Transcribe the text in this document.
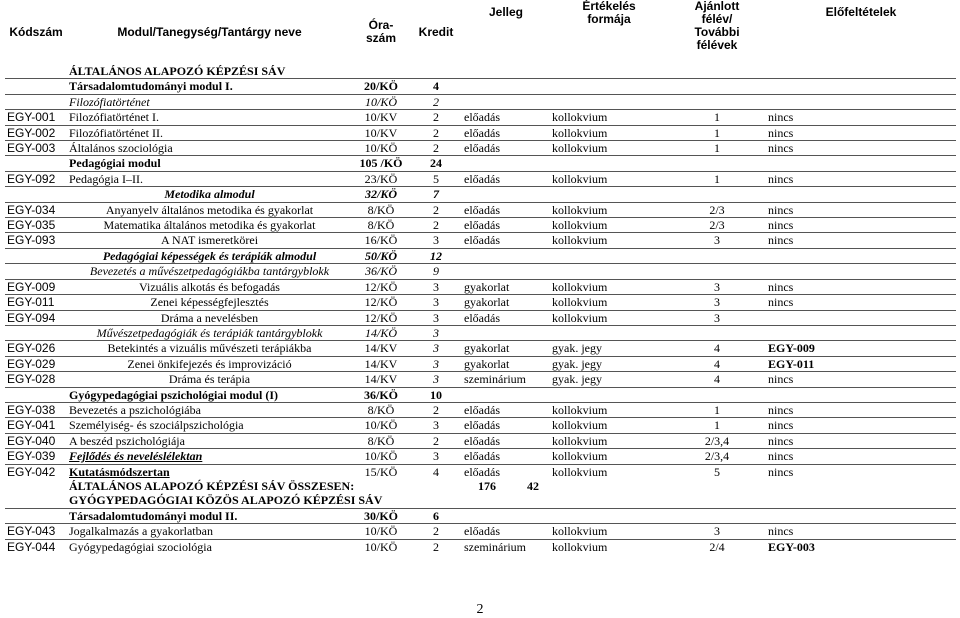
Kódszám	Modul/Tanegység/Tantárgy neve	Óra-
szám	Kredit	Jelleg	Értékelés
formája	Ajánlott
félév/
További
félévek	Előfeltételek
	ÁLTALÁNOS ALAPOZÓ KÉPZÉSI SÁV						
	Társadalomtudományi modul I.	20/KÖ	4				
	Filozófiatörténet	10/KÖ	2				
EGY-001	Filozófiatörténet I.	10/KV	2	előadás	kollokvium	1	nincs
EGY-002	Filozófiatörténet II.	10/KV	2	előadás	kollokvium	1	nincs
EGY-003	Általános szociológia	10/KÖ	2	előadás	kollokvium	1	nincs
	Pedagógiai modul	105 /KÖ	24				
EGY-092	Pedagógia I–II.	23/KÖ	5	előadás	kollokvium	1	nincs
	Metodika almodul	32/KÖ	7				
EGY-034	Anyanyelv általános metodika és gyakorlat	8/KÖ	2	előadás	kollokvium	2/3	nincs
EGY-035	Matematika általános metodika és gyakorlat	8/KÖ	2	előadás	kollokvium	2/3	nincs
EGY-093	A NAT ismeretkörei	16/KÖ	3	előadás	kollokvium	3	nincs
	Pedagógiai képességek és terápiák almodul	50/KÖ	12				
	Bevezetés a művészetpedagógiákba tantárgyblokk	36/KÖ	9				
EGY-009	Vizuális alkotás és befogadás	12/KÖ	3	gyakorlat	kollokvium	3	nincs
EGY-011	Zenei képességfejlesztés	12/KÖ	3	gyakorlat	kollokvium	3	nincs
EGY-094	Dráma a nevelésben	12/KÖ	3	előadás	kollokvium	3	
	Művészetpedagógiák és terápiák tantárgyblokk	14/KÖ	3				
EGY-026	Betekintés a vizuális művészeti terápiákba	14/KV	3	gyakorlat	gyak. jegy	4	EGY-009
EGY-029	Zenei önkifejezés és improvizáció	14/KV	3	gyakorlat	gyak. jegy	4	EGY-011
EGY-028	Dráma és terápia	14/KV	3	szeminárium	gyak. jegy	4	nincs
	Gyógypedagógiai pszichológiai modul (I)	36/KÖ	10				
EGY-038	Bevezetés a pszichológiába	8/KÖ	2	előadás	kollokvium	1	nincs
EGY-041	Személyiség- és szociálpszichológia	10/KÖ	3	előadás	kollokvium	1	nincs
EGY-040	A beszéd pszichológiája	8/KÖ	2	előadás	kollokvium	2/3,4	nincs
EGY-039	Fejlődés és neveléslélektan	10/KÖ	3	előadás	kollokvium	2/3,4	nincs
EGY-042	Kutatásmódszertan	15/KÖ	4	előadás	kollokvium	5	nincs
	ÁLTALÁNOS ALAPOZÓ KÉPZÉSI SÁV ÖSSZESEN:		176	42			
	GYÓGYPEDAGÓGIAI KÖZÖS ALAPOZÓ KÉPZÉSI SÁV						
	Társadalomtudományi modul II.	30/KÖ	6				
EGY-043	Jogalkalmazás a gyakorlatban	10/KÖ	2	előadás	kollokvium	3	nincs
EGY-044	Gyógypedagógiai szociológia	10/KÖ	2	szeminárium	kollokvium	2/4	EGY-003
2
